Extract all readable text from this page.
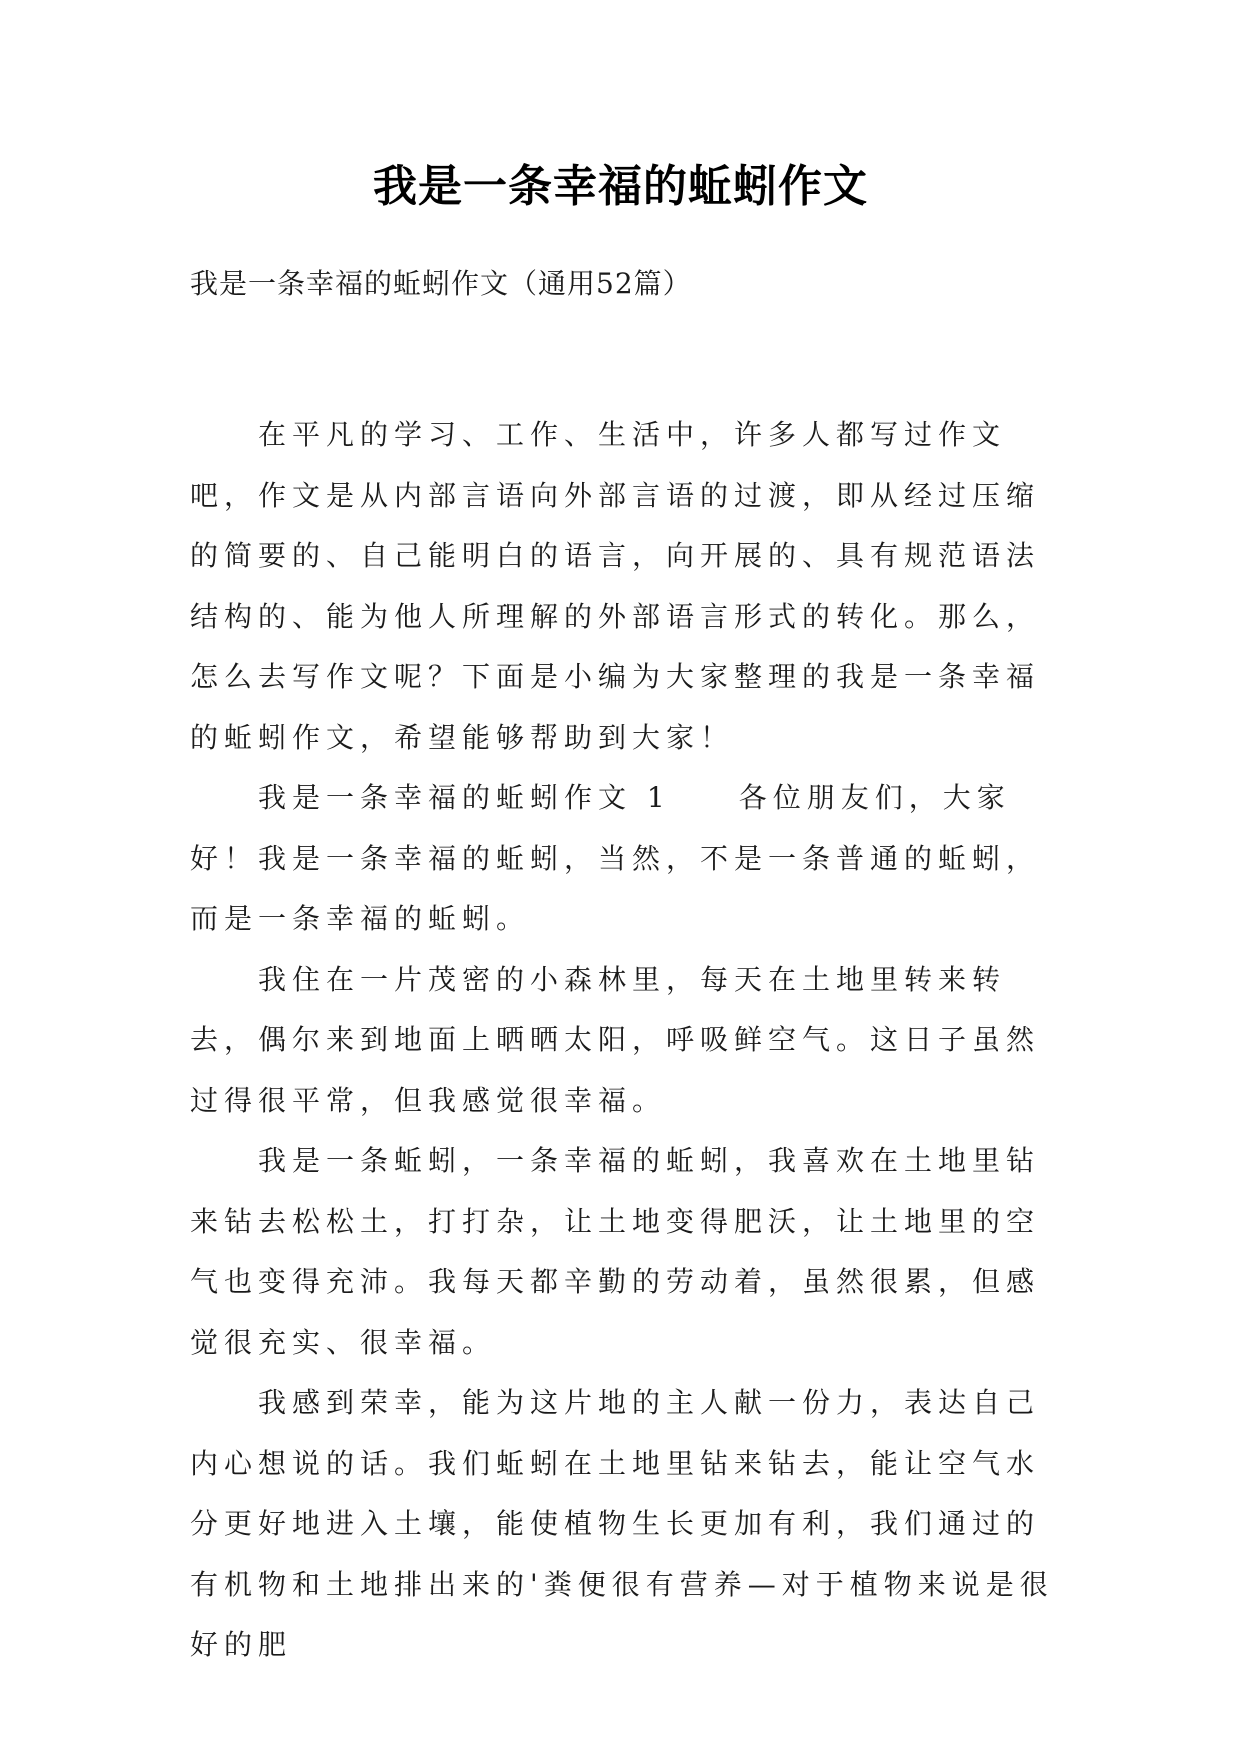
我是一条幸福的蚯蚓作文

我是一条幸福的蚯蚓作文（通用52篇）

在平凡的学习、工作、生活中，许多人都写过作文吧，作文是从内部言语向外部言语的过渡，即从经过压缩的简要的、自己能明白的语言，向开展的、具有规范语法结构的、能为他人所理解的外部语言形式的转化。那么，怎么去写作文呢？下面是小编为大家整理的我是一条幸福的蚯蚓作文，希望能够帮助到大家！

我是一条幸福的蚯蚓作文 1　　各位朋友们，大家好！我是一条幸福的蚯蚓，当然，不是一条普通的蚯蚓，而是一条幸福的蚯蚓。

我住在一片茂密的小森林里，每天在土地里转来转去，偶尔来到地面上晒晒太阳，呼吸鲜空气。这日子虽然过得很平常，但我感觉很幸福。

我是一条蚯蚓，一条幸福的蚯蚓，我喜欢在土地里钻来钻去松松土，打打杂，让土地变得肥沃，让土地里的空气也变得充沛。我每天都辛勤的劳动着，虽然很累，但感觉很充实、很幸福。

我感到荣幸，能为这片地的主人献一份力，表达自己内心想说的话。我们蚯蚓在土地里钻来钻去，能让空气水分更好地进入土壤，能使植物生长更加有利，我们通过的有机物和土地排出来的'粪便很有营养—对于植物来说是很好的肥
